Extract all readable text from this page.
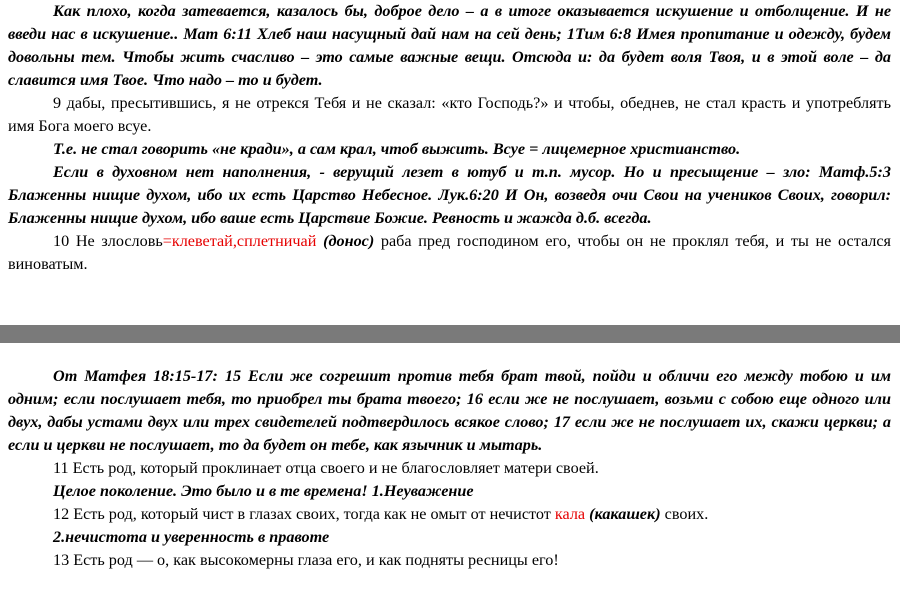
Как плохо, когда затевается, казалось бы, доброе дело – а в итоге оказывается искушение и отболщение. И не введи нас в искушение.. Мат 6:11 Хлеб наш насущный дай нам на сей день; 1Тим 6:8 Имея пропитание и одежду, будем довольны тем. Чтобы жить счасливо – это самые важные вещи. Отсюда и: да будет воля Твоя, и в этой воле – да славится имя Твое. Что надо – то и будет.

9 дабы, пресытившись, я не отрекся Тебя и не сказал: «кто Господь?» и чтобы, обеднев, не стал красть и употреблять имя Бога моего всуе.

Т.е. не стал говорить «не кради», а сам крал, чтоб выжить. Всуе = лицемерное христианство.

Если в духовном нет наполнения, - верущий лезет в ютуб и т.п. мусор. Но и пресыщение – зло: Матф.5:3 Блаженны нищие духом, ибо их есть Царство Небесное. Лук.6:20 И Он, возведя очи Свои на учеников Своих, говорил: Блаженны нищие духом, ибо ваше есть Царствие Божие. Ревность и жажда д.б. всегда.

10 Не злословь=клеветай,сплетничай (донос) раба пред господином его, чтобы он не проклял тебя, и ты не остался виноватым.

От Матфея 18:15-17: 15 Если же согрешит против тебя брат твой, пойди и обличи его между тобою и им одним; если послушает тебя, то приобрел ты брата твоего; 16 если же не послушает, возьми с собою еще одного или двух, дабы устами двух или трех свидетелей подтвердилось всякое слово; 17 если же не послушает их, скажи церкви; а если и церкви не послушает, то да будет он тебе, как язычник и мытарь.

11 Есть род, который проклинает отца своего и не благословляет матери своей.

Целое поколение. Это было и в те времена! 1.Неуважение

12 Есть род, который чист в глазах своих, тогда как не омыт от нечистот кала (какашек) своих.

2.нечистота и уверенность в правоте

13 Есть род — о, как высокомерны глаза его, и как подняты ресницы его!
